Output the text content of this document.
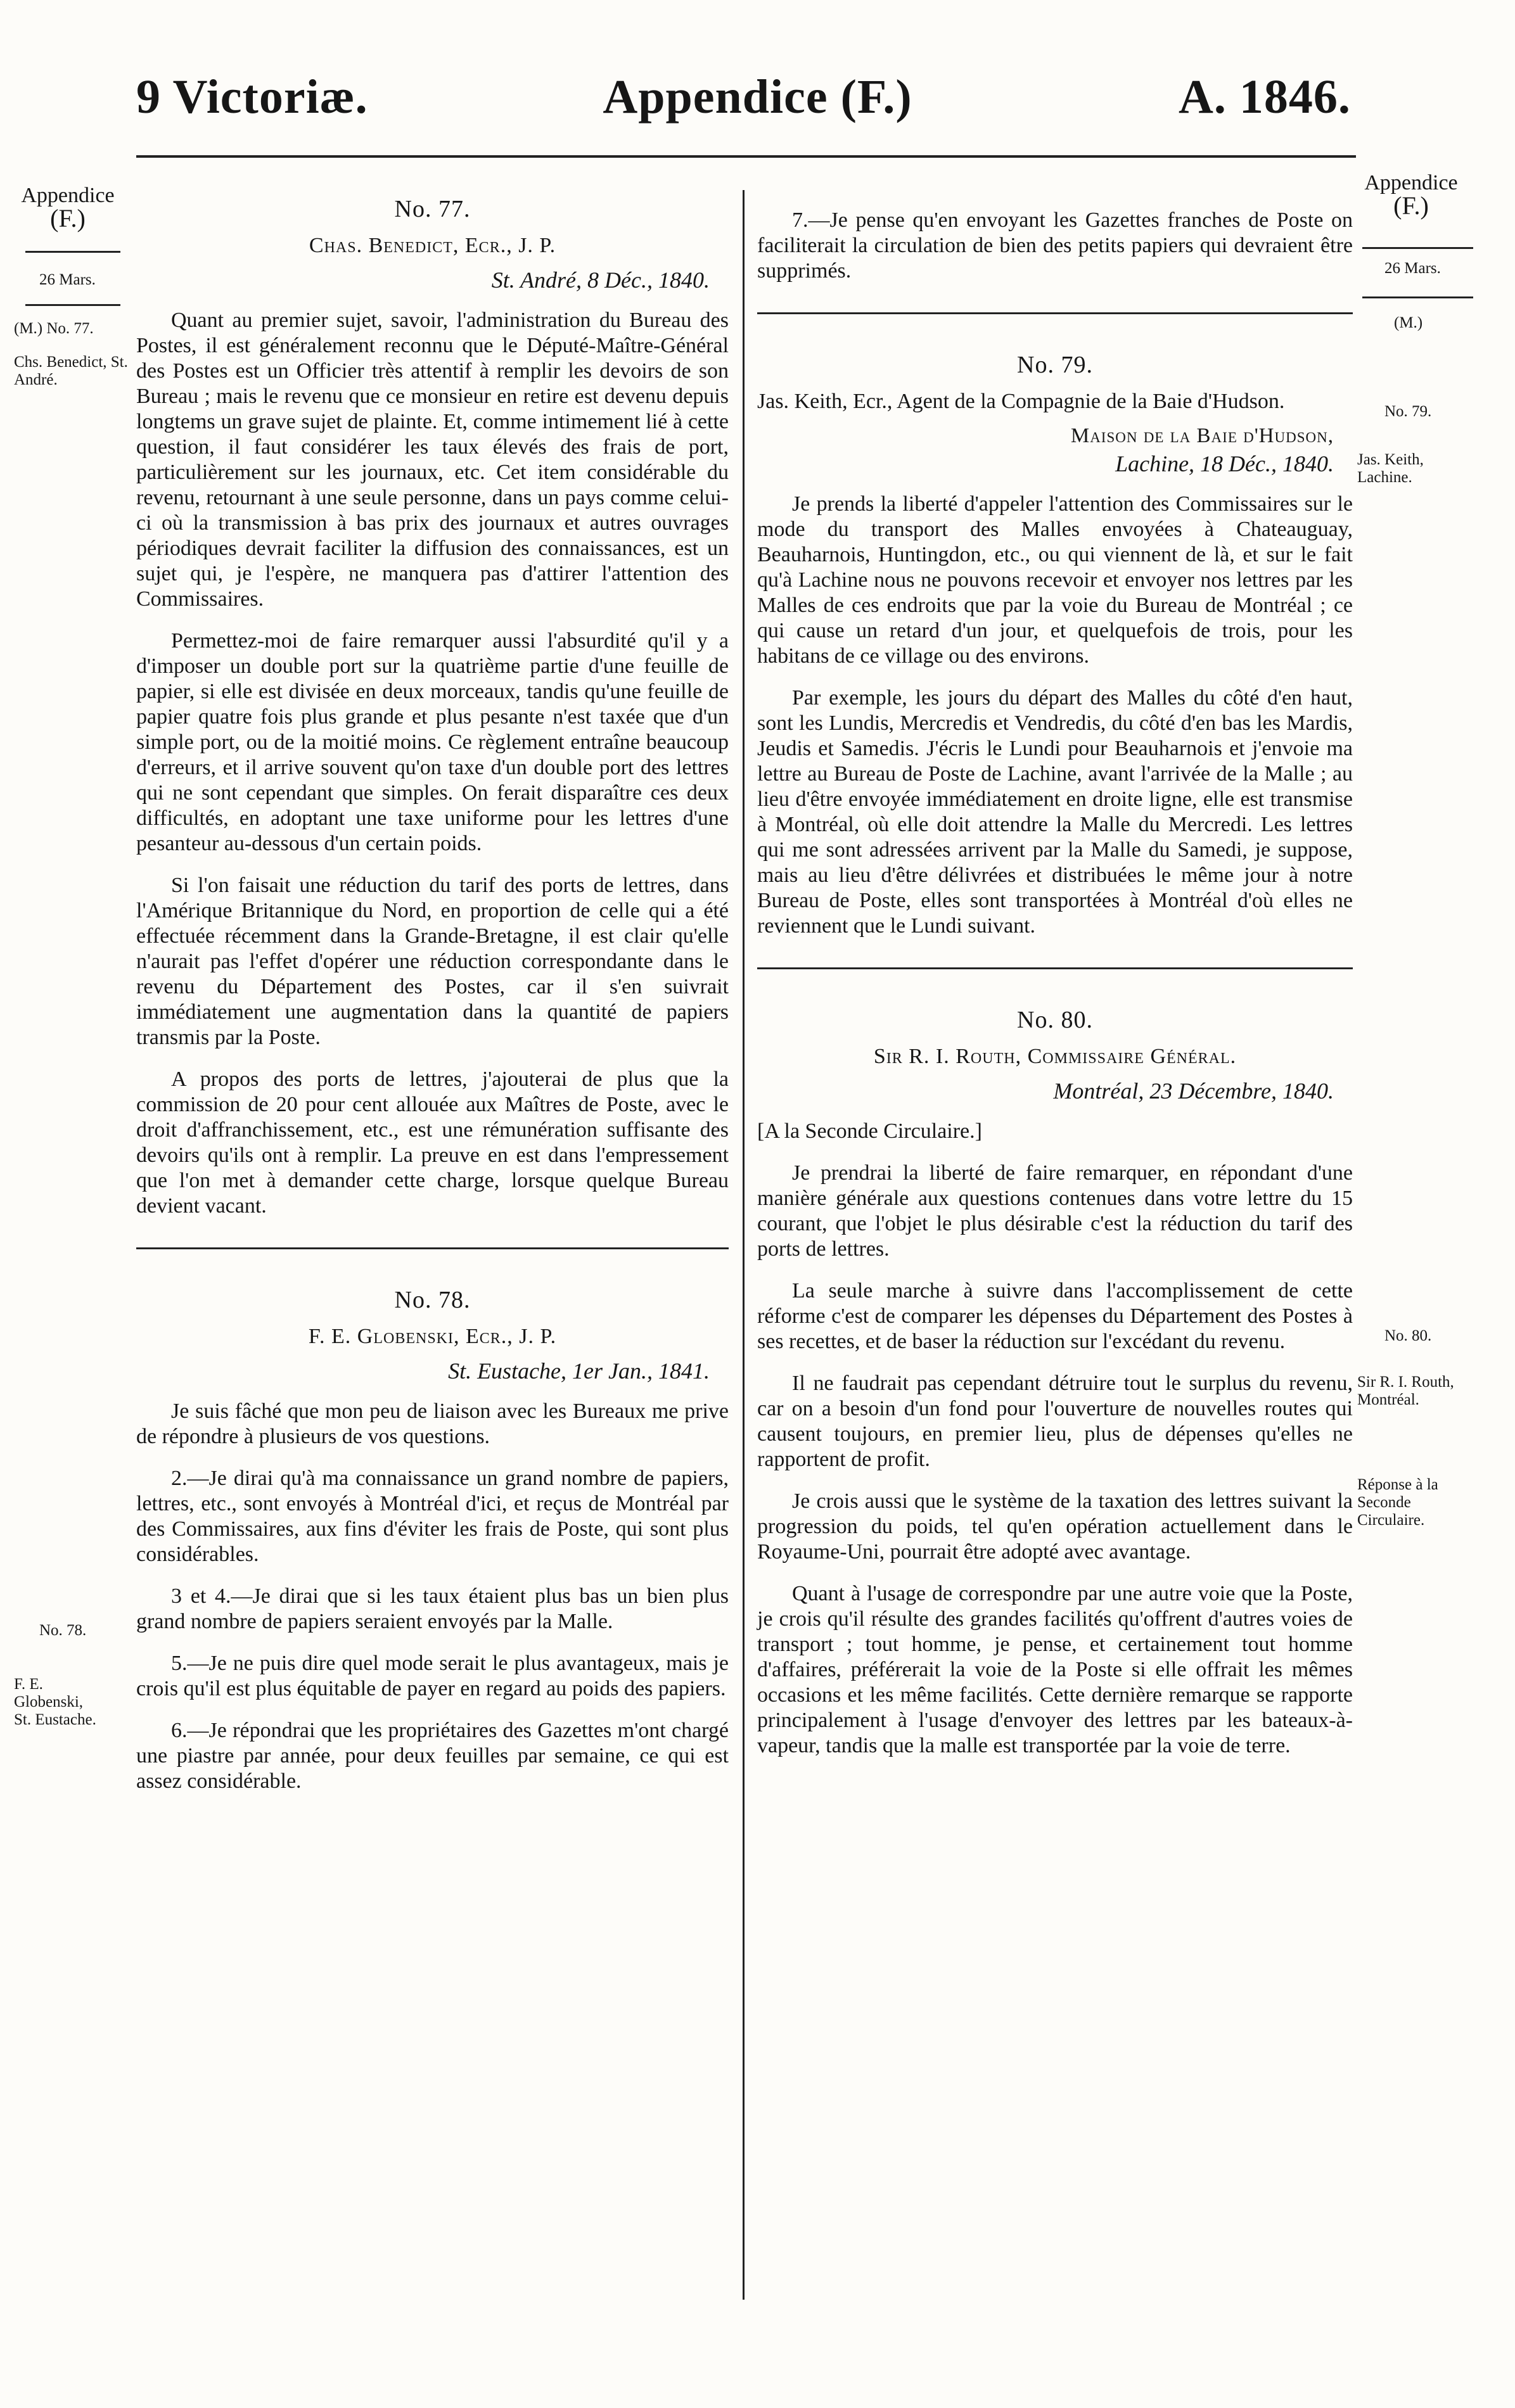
9 Victoriæ.	Appendice (F.)	A. 1846.
Appendice
(F.)
26 Mars.
(M.) No. 77.
Chs. Benedict, St. André.
No. 78.
F. E. Globenski, St. Eustache.
Appendice
(F.)
26 Mars.
(M.)
No. 79.
Jas. Keith, Lachine.
No. 80.
Sir R. I. Routh, Montréal.
Réponse à la Seconde Circulaire.
No. 77.
Chas. Benedict, Ecr., J. P.
St. André, 8 Déc., 1840.

Quant au premier sujet, savoir, l'administration du Bureau des Postes, il est généralement reconnu que le Député-Maître-Général des Postes est un Officier très attentif à remplir les devoirs de son Bureau ; mais le revenu que ce monsieur en retire est devenu depuis longtems un grave sujet de plainte. Et, comme intimement lié à cette question, il faut considérer les taux élevés des frais de port, particulièrement sur les journaux, etc. Cet item considérable du revenu, retournant à une seule personne, dans un pays comme celui-ci où la transmission à bas prix des journaux et autres ouvrages périodiques devrait faciliter la diffusion des connaissances, est un sujet qui, je l'espère, ne manquera pas d'attirer l'attention des Commissaires.

Permettez-moi de faire remarquer aussi l'absurdité qu'il y a d'imposer un double port sur la quatrième partie d'une feuille de papier, si elle est divisée en deux morceaux, tandis qu'une feuille de papier quatre fois plus grande et plus pesante n'est taxée que d'un simple port, ou de la moitié moins. Ce règlement entraîne beaucoup d'erreurs, et il arrive souvent qu'on taxe d'un double port des lettres qui ne sont cependant que simples. On ferait disparaître ces deux difficultés, en adoptant une taxe uniforme pour les lettres d'une pesanteur au-dessous d'un certain poids.

Si l'on faisait une réduction du tarif des ports de lettres, dans l'Amérique Britannique du Nord, en proportion de celle qui a été effectuée récemment dans la Grande-Bretagne, il est clair qu'elle n'aurait pas l'effet d'opérer une réduction correspondante dans le revenu du Département des Postes, car il s'en suivrait immédiatement une augmentation dans la quantité de papiers transmis par la Poste.

A propos des ports de lettres, j'ajouterai de plus que la commission de 20 pour cent allouée aux Maîtres de Poste, avec le droit d'affranchissement, etc., est une rémunération suffisante des devoirs qu'ils ont à remplir. La preuve en est dans l'empressement que l'on met à demander cette charge, lorsque quelque Bureau devient vacant.

No. 78.
F. E. Globenski, Ecr., J. P.
St. Eustache, 1er Jan., 1841.

Je suis fâché que mon peu de liaison avec les Bureaux me prive de répondre à plusieurs de vos questions.

2.—Je dirai qu'à ma connaissance un grand nombre de papiers, lettres, etc., sont envoyés à Montréal d'ici, et reçus de Montréal par des Commissaires, aux fins d'éviter les frais de Poste, qui sont plus considérables.

3 et 4.—Je dirai que si les taux étaient plus bas un bien plus grand nombre de papiers seraient envoyés par la Malle.

5.—Je ne puis dire quel mode serait le plus avantageux, mais je crois qu'il est plus équitable de payer en regard au poids des papiers.

6.—Je répondrai que les propriétaires des Gazettes m'ont chargé une piastre par année, pour deux feuilles par semaine, ce qui est assez considérable.

7.—Je pense qu'en envoyant les Gazettes franches de Poste on faciliterait la circulation de bien des petits papiers qui devraient être supprimés.

No. 79.
Jas. Keith, Ecr., Agent de la Compagnie de la Baie d'Hudson.
Maison de la Baie d'Hudson,
Lachine, 18 Déc., 1840.

Je prends la liberté d'appeler l'attention des Commissaires sur le mode du transport des Malles envoyées à Chateauguay, Beauharnois, Huntingdon, etc., ou qui viennent de là, et sur le fait qu'à Lachine nous ne pouvons recevoir et envoyer nos lettres par les Malles de ces endroits que par la voie du Bureau de Montréal ; ce qui cause un retard d'un jour, et quelquefois de trois, pour les habitans de ce village ou des environs.

Par exemple, les jours du départ des Malles du côté d'en haut, sont les Lundis, Mercredis et Vendredis, du côté d'en bas les Mardis, Jeudis et Samedis. J'écris le Lundi pour Beauharnois et j'envoie ma lettre au Bureau de Poste de Lachine, avant l'arrivée de la Malle ; au lieu d'être envoyée immédiatement en droite ligne, elle est transmise à Montréal, où elle doit attendre la Malle du Mercredi. Les lettres qui me sont adressées arrivent par la Malle du Samedi, je suppose, mais au lieu d'être délivrées et distribuées le même jour à notre Bureau de Poste, elles sont transportées à Montréal d'où elles ne reviennent que le Lundi suivant.

No. 80.
Sir R. I. Routh, Commissaire Général.
Montréal, 23 Décembre, 1840.

[A la Seconde Circulaire.]

Je prendrai la liberté de faire remarquer, en répondant d'une manière générale aux questions contenues dans votre lettre du 15 courant, que l'objet le plus désirable c'est la réduction du tarif des ports de lettres.

La seule marche à suivre dans l'accomplissement de cette réforme c'est de comparer les dépenses du Département des Postes à ses recettes, et de baser la réduction sur l'excédant du revenu.

Il ne faudrait pas cependant détruire tout le surplus du revenu, car on a besoin d'un fond pour l'ouverture de nouvelles routes qui causent toujours, en premier lieu, plus de dépenses qu'elles ne rapportent de profit.

Je crois aussi que le système de la taxation des lettres suivant la progression du poids, tel qu'en opération actuellement dans le Royaume-Uni, pourrait être adopté avec avantage.

Quant à l'usage de correspondre par une autre voie que la Poste, je crois qu'il résulte des grandes facilités qu'offrent d'autres voies de transport ; tout homme, je pense, et certainement tout homme d'affaires, préférerait la voie de la Poste si elle offrait les mêmes occasions et les même facilités. Cette dernière remarque se rapporte principalement à l'usage d'envoyer des lettres par les bateaux-à-vapeur, tandis que la malle est transportée par la voie de terre.
